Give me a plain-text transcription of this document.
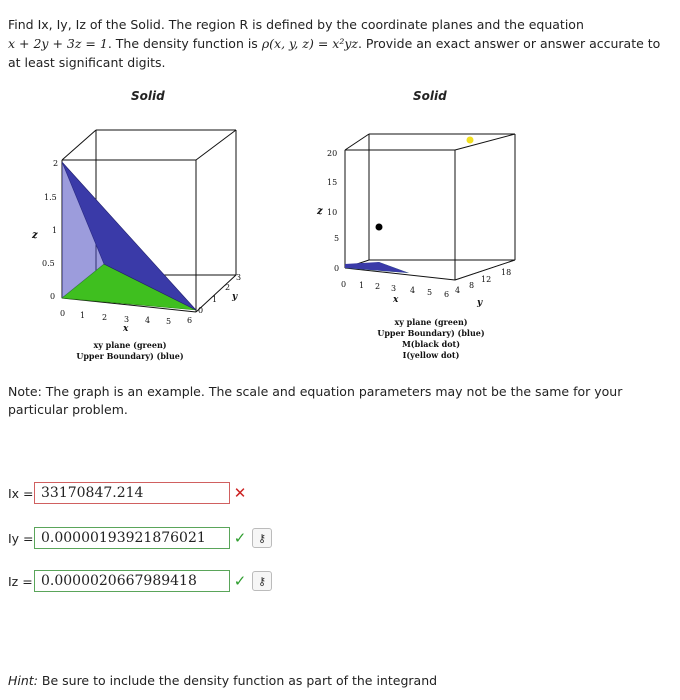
Find Ix, Iy, Iz of the Solid. The region R is defined by the coordinate planes and the equation
x + 2y + 3z = 1. The density function is ρ(x, y, z) = x²yz. Provide an exact answer or answer accurate to at least significant digits.
Solid
0
0.5
1
1.5
2
z
0 1 2 3 4 5 6
x
0
1
2
3
y
xy plane (green)
Upper Boundary) (blue)
Solid
0
5
10
15
20
z
0 1 2 3 4 5 6
x
4
8
12
18
y
xy plane (green)
Upper Boundary) (blue)
M(black dot)
I(yellow dot)
Note: The graph is an example. The scale and equation parameters may not be the same for your particular problem.
Ix = 33170847.214	✕
Iy = 0.000001939218760​21	✓	⚷
Iz = 0.0000020667989418	✓	⚷
Hint: Be sure to include the density function as part of the integrand
